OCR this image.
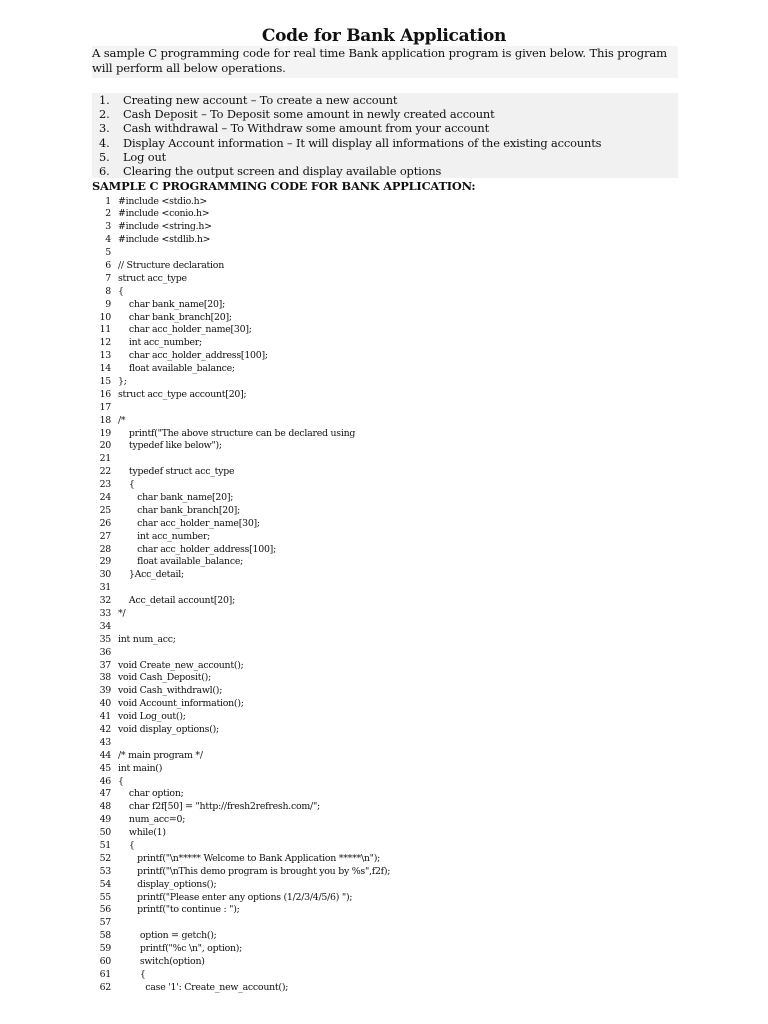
Code for Bank Application
A sample C programming code for real time Bank application program is given below. This program will perform all below operations.
1. Creating new account – To create a new account
2. Cash Deposit – To Deposit some amount in newly created account
3. Cash withdrawal – To Withdraw some amount from your account
4. Display Account information – It will display all informations of the existing accounts
5. Log out
6. Clearing the output screen and display available options
SAMPLE C PROGRAMMING CODE FOR BANK APPLICATION:
1 #include <stdio.h>
2 #include <conio.h>
3 #include <string.h>
4 #include <stdlib.h>
5
6 // Structure declaration
7 struct acc_type
8 {
9 char bank_name[20];
10 char bank_branch[20];
11 char acc_holder_name[30];
12 int acc_number;
13 char acc_holder_address[100];
14 float available_balance;
15 };
16 struct acc_type account[20];
17
18 /*
19 printf("The above structure can be declared using
20 typedef like below");
21
22 typedef struct acc_type
23 {
24 char bank_name[20];
25 char bank_branch[20];
26 char acc_holder_name[30];
27 int acc_number;
28 char acc_holder_address[100];
29 float available_balance;
30 }Acc_detail;
31
32 Acc_detail account[20];
33 */
34
35 int num_acc;
36
37 void Create_new_account();
38 void Cash_Deposit();
39 void Cash_withdrawl();
40 void Account_information();
41 void Log_out();
42 void display_options();
43
44 /* main program */
45 int main()
46 {
47 char option;
48 char f2f[50] = "http://fresh2refresh.com/";
49 num_acc=0;
50 while(1)
51 {
52 printf("\n***** Welcome to Bank Application *****\n");
53 printf("\nThis demo program is brought you by %s",f2f);
54 display_options();
55 printf("Please enter any options (1/2/3/4/5/6) ");
56 printf("to continue : ");
57
58 option = getch();
59 printf("%c \n", option);
60 switch(option)
61 {
62 case '1': Create_new_account();
